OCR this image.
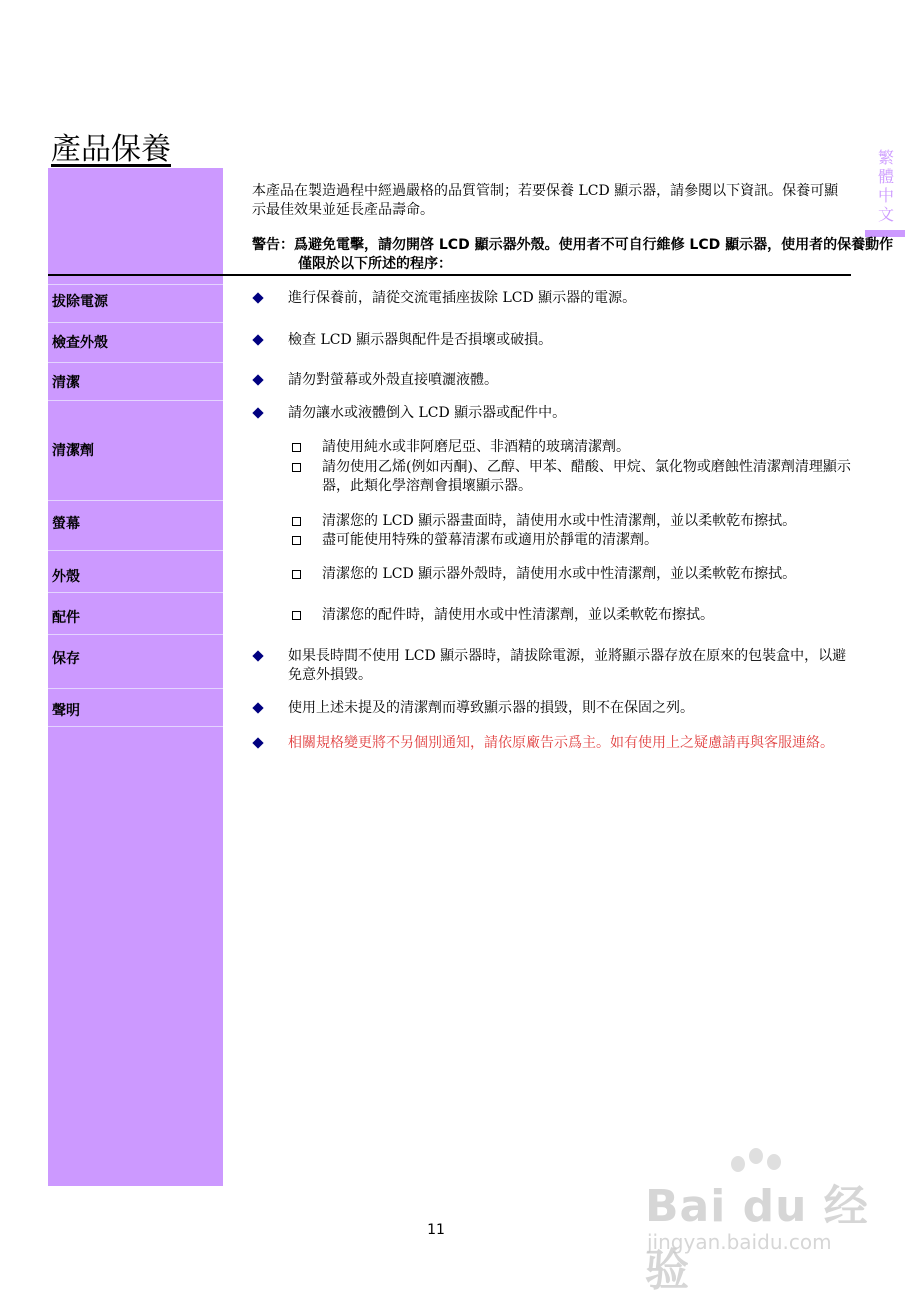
產品保養	繁體中文
拔除電源
檢查外殼
清潔
清潔劑
螢幕
外殼
配件
保存
聲明
本產品在製造過程中經過嚴格的品質管制；若要保養 LCD 顯示器，請參閱以下資訊。保養可顯示最佳效果並延長產品壽命。
警告：爲避免電擊，請勿開啓 LCD 顯示器外殼。使用者不可自行維修 LCD 顯示器，使用者的保養動作僅限於以下所述的程序：
進行保養前，請從交流電插座拔除 LCD 顯示器的電源。
檢查 LCD 顯示器與配件是否損壞或破損。
請勿對螢幕或外殼直接噴灑液體。
請勿讓水或液體倒入 LCD 顯示器或配件中。
請使用純水或非阿磨尼亞、非酒精的玻璃清潔劑。
請勿使用乙烯(例如丙酮)、乙醇、甲苯、醋酸、甲烷、氯化物或磨蝕性清潔劑清理顯示器，此類化學溶劑會損壞顯示器。
清潔您的 LCD 顯示器畫面時，請使用水或中性清潔劑，並以柔軟乾布擦拭。
盡可能使用特殊的螢幕清潔布或適用於靜電的清潔劑。
清潔您的 LCD 顯示器外殼時，請使用水或中性清潔劑，並以柔軟乾布擦拭。
清潔您的配件時，請使用水或中性清潔劑，並以柔軟乾布擦拭。
如果長時間不使用 LCD 顯示器時，請拔除電源，並將顯示器存放在原來的包裝盒中，以避免意外損毀。
使用上述未提及的清潔劑而導致顯示器的損毀，則不在保固之列。
相關規格變更將不另個別通知，請依原廠告示爲主。如有使用上之疑慮請再與客服連絡。
11	Bai du 经验
jingyan.baidu.com
